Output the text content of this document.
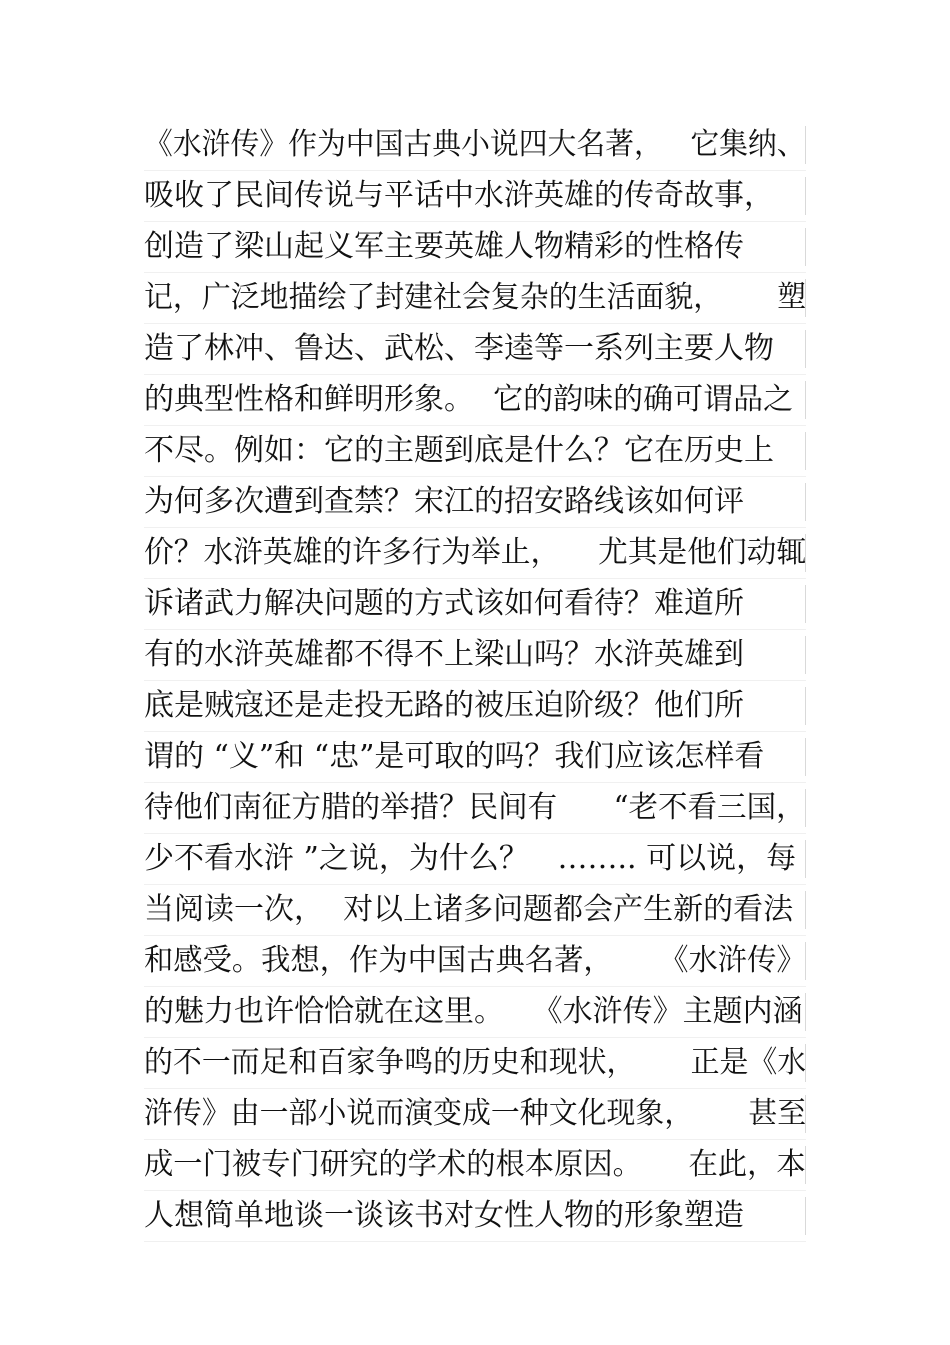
《水浒传》作为中国古典小说四大名著，   它集纳、
吸收了民间传说与平话中水浒英雄的传奇故事，
创造了梁山起义军主要英雄人物精彩的性格传
记，广泛地描绘了封建社会复杂的生活面貌，      塑
造了林冲、鲁达、武松、李逵等一系列主要人物
的典型性格和鲜明形象。  它的韵味的确可谓品之
不尽。例如：它的主题到底是什么？它在历史上
为何多次遭到查禁？宋江的招安路线该如何评
价？水浒英雄的许多行为举止，    尤其是他们动辄
诉诸武力解决问题的方式该如何看待？难道所
有的水浒英雄都不得不上梁山吗？水浒英雄到
底是贼寇还是走投无路的被压迫阶级？他们所
谓的 “义”和 “忠”是可取的吗？我们应该怎样看
待他们南征方腊的举措？民间有      “老不看三国，
少不看水浒 ”之说，为什么？   …….. 可以说，每
当阅读一次，  对以上诸多问题都会产生新的看法
和感受。我想，作为中国古典名著，     《水浒传》
的魅力也许恰恰就在这里。   《水浒传》主题内涵
的不一而足和百家争鸣的历史和现状，      正是《水
浒传》由一部小说而演变成一种文化现象，      甚至
成一门被专门研究的学术的根本原因。     在此，本
人想简单地谈一谈该书对女性人物的形象塑造
